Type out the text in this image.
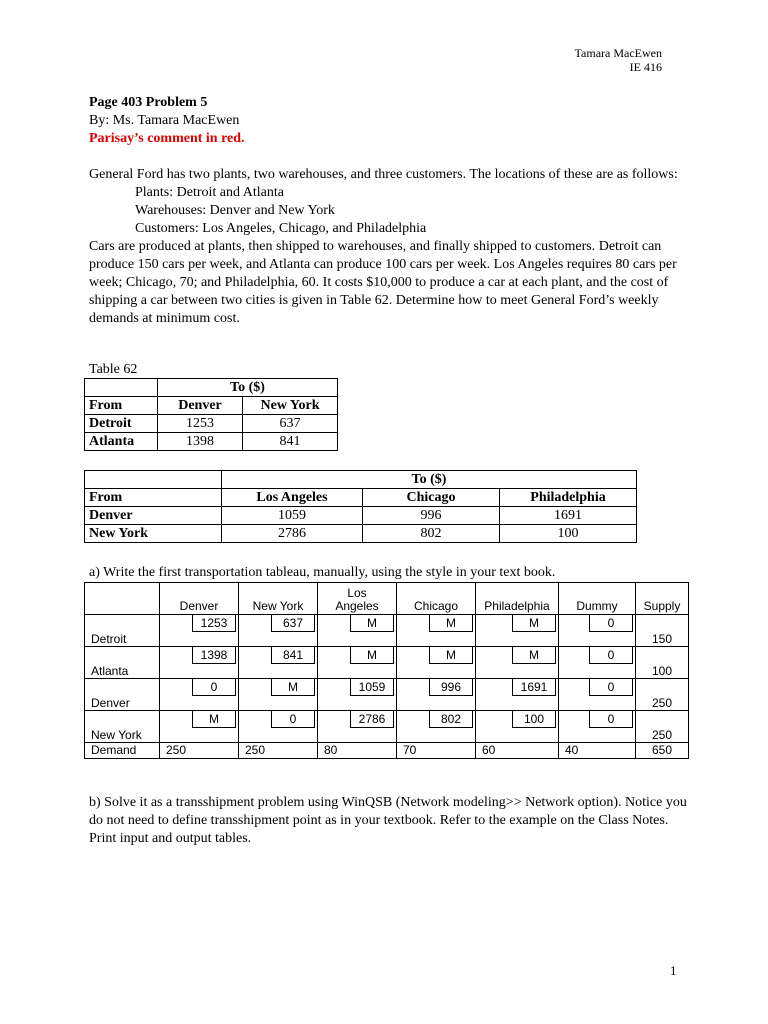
Tamara MacEwen
IE 416
Page 403 Problem 5
By: Ms. Tamara MacEwen
Parisay’s comment in red.
General Ford has two plants, two warehouses, and three customers. The locations of these are as follows:
Plants: Detroit and Atlanta
Warehouses: Denver and New York
Customers: Los Angeles, Chicago, and Philadelphia
Cars are produced at plants, then shipped to warehouses, and finally shipped to customers. Detroit can produce 150 cars per week, and Atlanta can produce 100 cars per week. Los Angeles requires 80 cars per week; Chicago, 70; and Philadelphia, 60. It costs $10,000 to produce a car at each plant, and the cost of shipping a car between two cities is given in Table 62. Determine how to meet General Ford’s weekly demands at minimum cost.
Table 62
	To ($)	
From	Denver	New York
Detroit	1253	637
Atlanta	1398	841
	To ($)		
From	Los Angeles	Chicago	Philadelphia
Denver	1059	996	1691
New York	2786	802	100
a) Write the first transportation tableau, manually, using the style in your text book.
	Denver	New York	Los
Angeles	Chicago	Philadelphia	Dummy	Supply
Detroit	1253	637	M	M	M	0	150
Atlanta	1398	841	M	M	M	0	100
Denver	0	M	1059	996	1691	0	250
New York	M	0	2786	802	100	0	250
Demand	250	250	80	70	60	40	650
b) Solve it as a transshipment problem using WinQSB (Network modeling>> Network option). Notice you do not need to define transshipment point as in your textbook. Refer to the example on the Class Notes. Print input and output tables.
1
